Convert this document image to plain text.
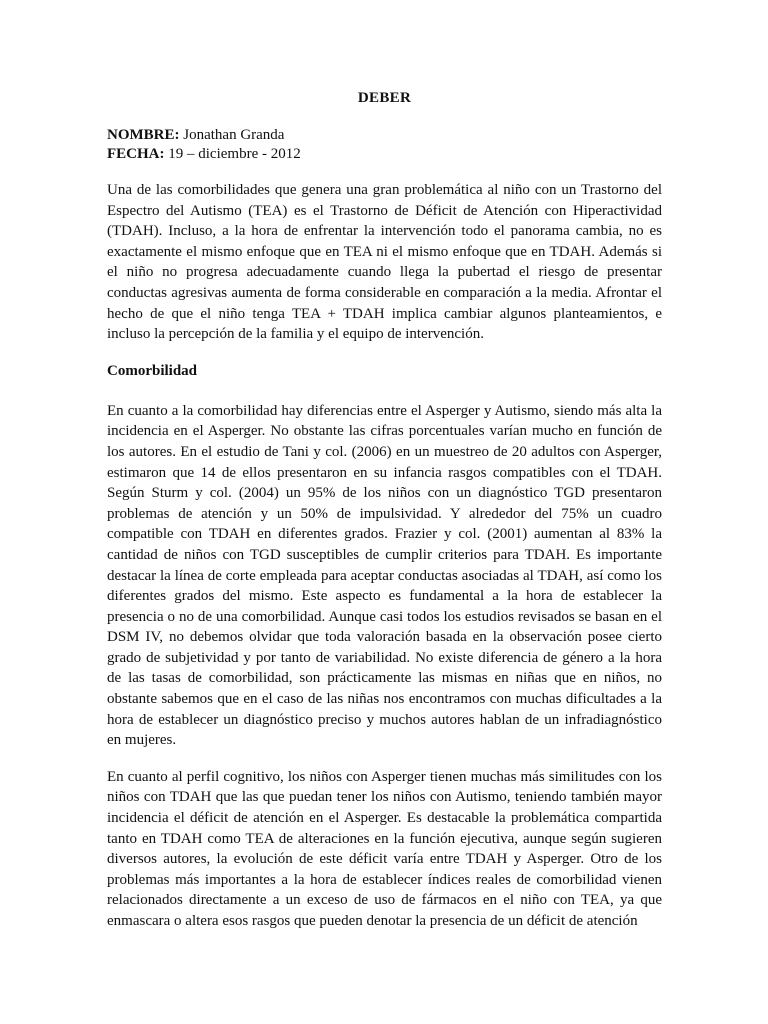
DEBER
NOMBRE: Jonathan Granda
FECHA: 19 – diciembre - 2012

Una de las comorbilidades que genera una gran problemática al niño con un Trastorno del Espectro del Autismo (TEA) es el Trastorno de Déficit de Atención con Hiperactividad (TDAH). Incluso, a la hora de enfrentar la intervención todo el panorama cambia, no es exactamente el mismo enfoque que en TEA ni el mismo enfoque que en TDAH. Además si el niño no progresa adecuadamente cuando llega la pubertad el riesgo de presentar conductas agresivas aumenta de forma considerable en comparación a la media. Afrontar el hecho de que el niño tenga TEA + TDAH implica cambiar algunos planteamientos, e incluso la percepción de la familia y el equipo de intervención.

Comorbilidad

En cuanto a la comorbilidad hay diferencias entre el Asperger y Autismo, siendo más alta la incidencia en el Asperger. No obstante las cifras porcentuales varían mucho en función de los autores. En el estudio de Tani y col. (2006) en un muestreo de 20 adultos con Asperger, estimaron que 14 de ellos presentaron en su infancia rasgos compatibles con el TDAH. Según Sturm y col. (2004) un 95% de los niños con un diagnóstico TGD presentaron problemas de atención y un 50% de impulsividad. Y alrededor del 75% un cuadro compatible con TDAH en diferentes grados. Frazier y col. (2001) aumentan al 83% la cantidad de niños con TGD susceptibles de cumplir criterios para TDAH. Es importante destacar la línea de corte empleada para aceptar conductas asociadas al TDAH, así como los diferentes grados del mismo. Este aspecto es fundamental a la hora de establecer la presencia o no de una comorbilidad. Aunque casi todos los estudios revisados se basan en el DSM IV, no debemos olvidar que toda valoración basada en la observación posee cierto grado de subjetividad y por tanto de variabilidad. No existe diferencia de género a la hora de las tasas de comorbilidad, son prácticamente las mismas en niñas que en niños, no obstante sabemos que en el caso de las niñas nos encontramos con muchas dificultades a la hora de establecer un diagnóstico preciso y muchos autores hablan de un infradiagnóstico en mujeres.

En cuanto al perfil cognitivo, los niños con Asperger tienen muchas más similitudes con los niños con TDAH que las que puedan tener los niños con Autismo, teniendo también mayor incidencia el déficit de atención en el Asperger. Es destacable la problemática compartida tanto en TDAH como TEA de alteraciones en la función ejecutiva, aunque según sugieren diversos autores, la evolución de este déficit varía entre TDAH y Asperger. Otro de los problemas más importantes a la hora de establecer índices reales de comorbilidad vienen relacionados directamente a un exceso de uso de fármacos en el niño con TEA, ya que enmascara o altera esos rasgos que pueden denotar la presencia de un déficit de atención
